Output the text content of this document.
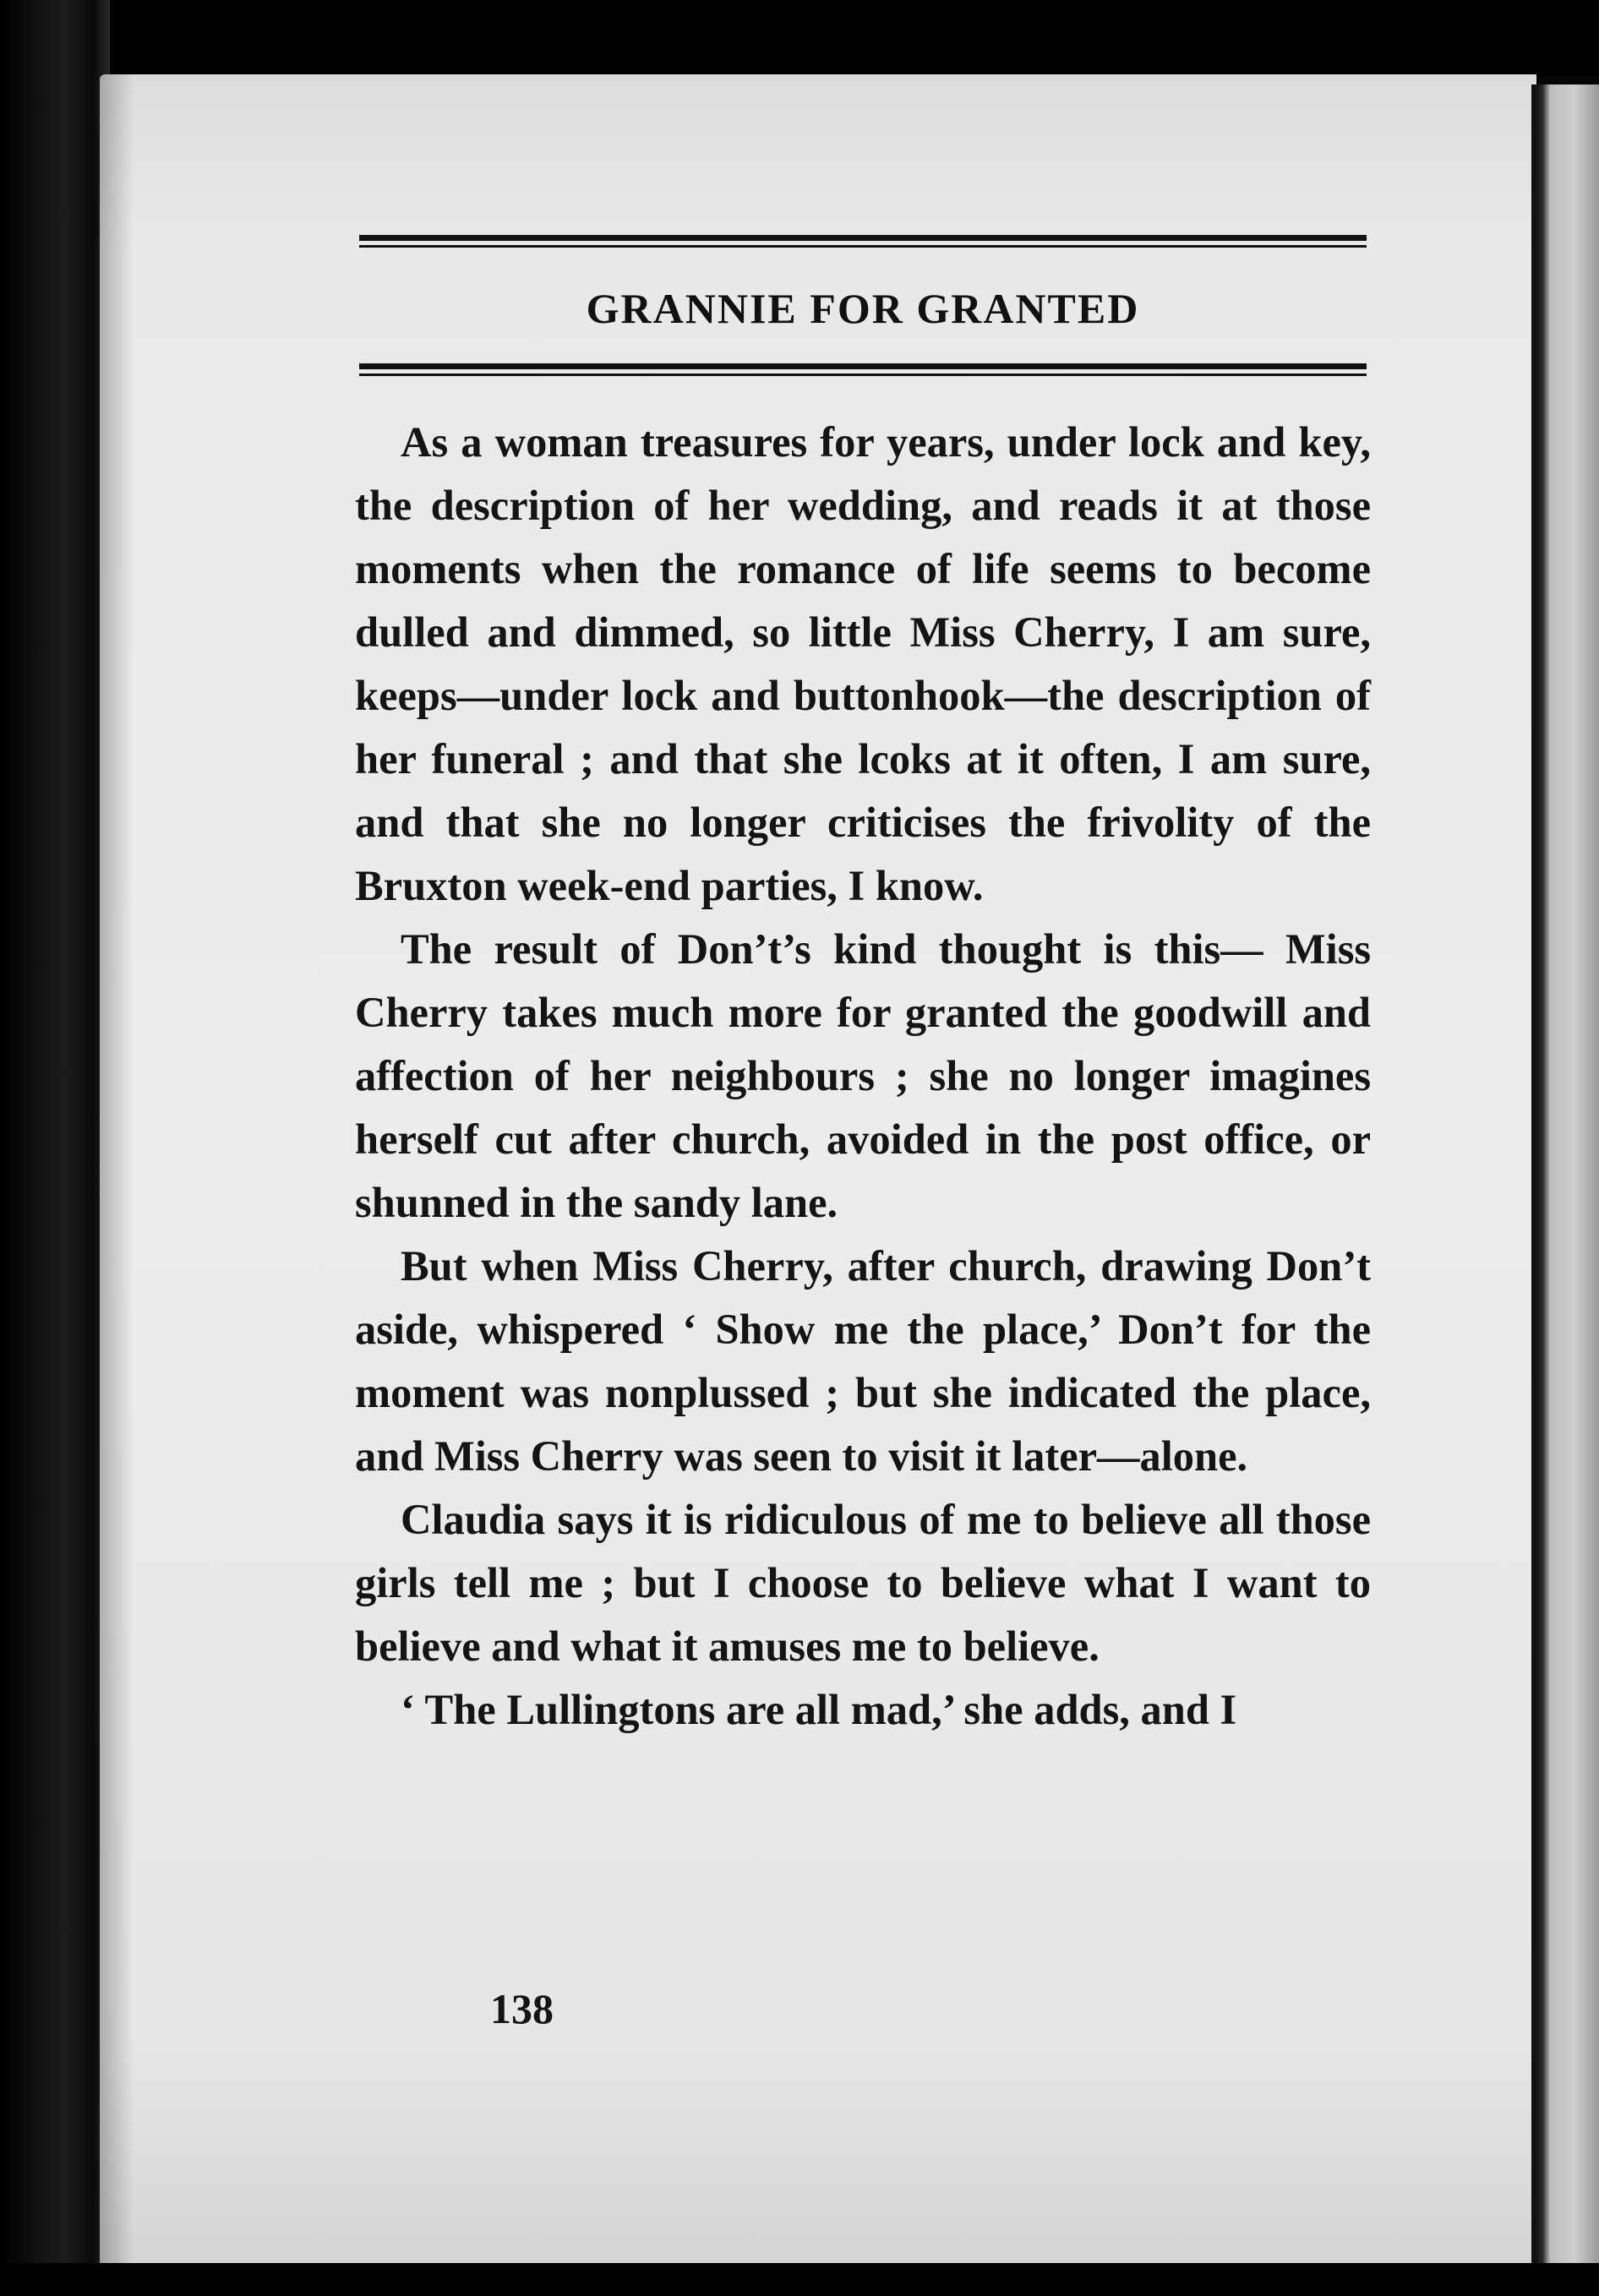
GRANNIE FOR GRANTED

As a woman treasures for years, under lock and key, the description of her wedding, and reads it at those moments when the romance of life seems to become dulled and dimmed, so little Miss Cherry, I am sure, keeps—under lock and buttonhook—the description of her funeral ; and that she lcoks at it often, I am sure, and that she no longer criticises the frivolity of the Bruxton week-end parties, I know.

The result of Don’t’s kind thought is this— Miss Cherry takes much more for granted the goodwill and affection of her neighbours ; she no longer imagines herself cut after church, avoided in the post office, or shunned in the sandy lane.

But when Miss Cherry, after church, drawing Don’t aside, whispered ‘ Show me the place,’ Don’t for the moment was nonplussed ; but she indicated the place, and Miss Cherry was seen to visit it later—alone.

Claudia says it is ridiculous of me to believe all those girls tell me ; but I choose to believe what I want to believe and what it amuses me to believe.

‘ The Lullingtons are all mad,’ she adds, and I

138
